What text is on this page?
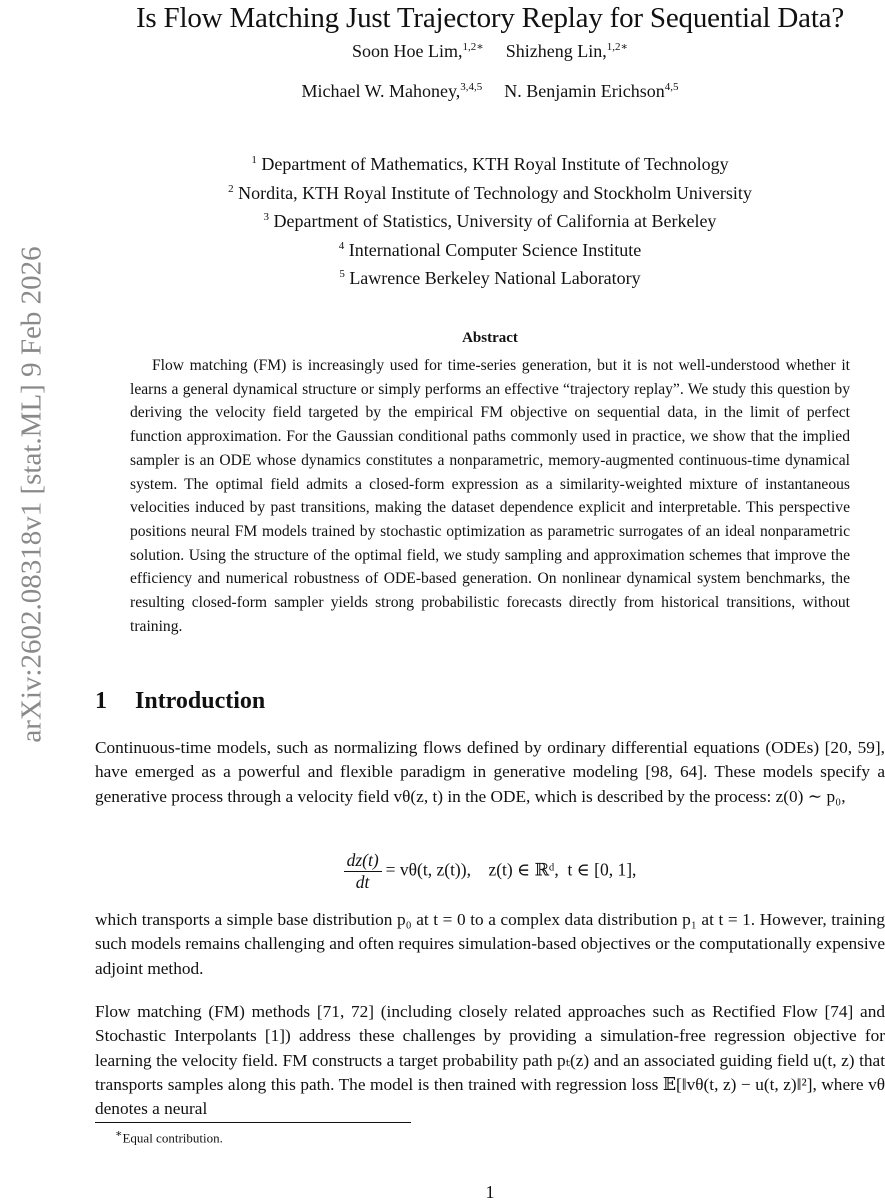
arXiv:2602.08318v1 [stat.ML] 9 Feb 2026
Is Flow Matching Just Trajectory Replay for Sequential Data?
Soon Hoe Lim,$^{1,2∗}$ Shizheng Lin,$^{1,2∗}$
Michael W. Mahoney,$^{3,4,5}$ N. Benjamin Erichson$^{4,5}$
$^1$ Department of Mathematics, KTH Royal Institute of Technology
$^2$ Nordita, KTH Royal Institute of Technology and Stockholm University
$^3$ Department of Statistics, University of California at Berkeley
$^4$ International Computer Science Institute
$^5$ Lawrence Berkeley National Laboratory
Abstract
Flow matching (FM) is increasingly used for time-series generation, but it is not well-understood whether it learns a general dynamical structure or simply performs an effective “trajectory replay”. We study this question by deriving the velocity field targeted by the empirical FM objective on sequential data, in the limit of perfect function approximation. For the Gaussian conditional paths commonly used in practice, we show that the implied sampler is an ODE whose dynamics constitutes a nonparametric, memory-augmented continuous-time dynamical system. The optimal field admits a closed-form expression as a similarity-weighted mixture of instantaneous velocities induced by past transitions, making the dataset dependence explicit and interpretable. This perspective positions neural FM models trained by stochastic optimization as parametric surrogates of an ideal nonparametric solution. Using the structure of the optimal field, we study sampling and approximation schemes that improve the efficiency and numerical robustness of ODE-based generation. On nonlinear dynamical system benchmarks, the resulting closed-form sampler yields strong probabilistic forecasts directly from historical transitions, without training.
1 Introduction
Continuous-time models, such as normalizing flows defined by ordinary differential equations (ODEs) [20, 59], have emerged as a powerful and flexible paradigm in generative modeling [98, 64]. These models specify a generative process through a velocity field vθ(z, t) in the ODE, which is described by the process: z(0) ∼ p₀,
$\frac{dz(t)}{dt} = v\theta(t$, z(t)),    z(t) ∈ ℝᵈ,  t ∈ [0, 1],
which transports a simple base distribution p₀ at t = 0 to a complex data distribution p₁ at t = 1. However, training such models remains challenging and often requires simulation-based objectives or the computationally expensive adjoint method.
Flow matching (FM) methods [71, 72] (including closely related approaches such as Rectified Flow [74] and Stochastic Interpolants [1]) address these challenges by providing a simulation-free regression objective for learning the velocity field. FM constructs a target probability path pₜ(z) and an associated guiding field u(t, z) that transports samples along this path. The model is then trained with regression loss 𝔼[‖vθ(t, z) − u(t, z)‖²], where vθ denotes a neural
∗Equal contribution.
1
